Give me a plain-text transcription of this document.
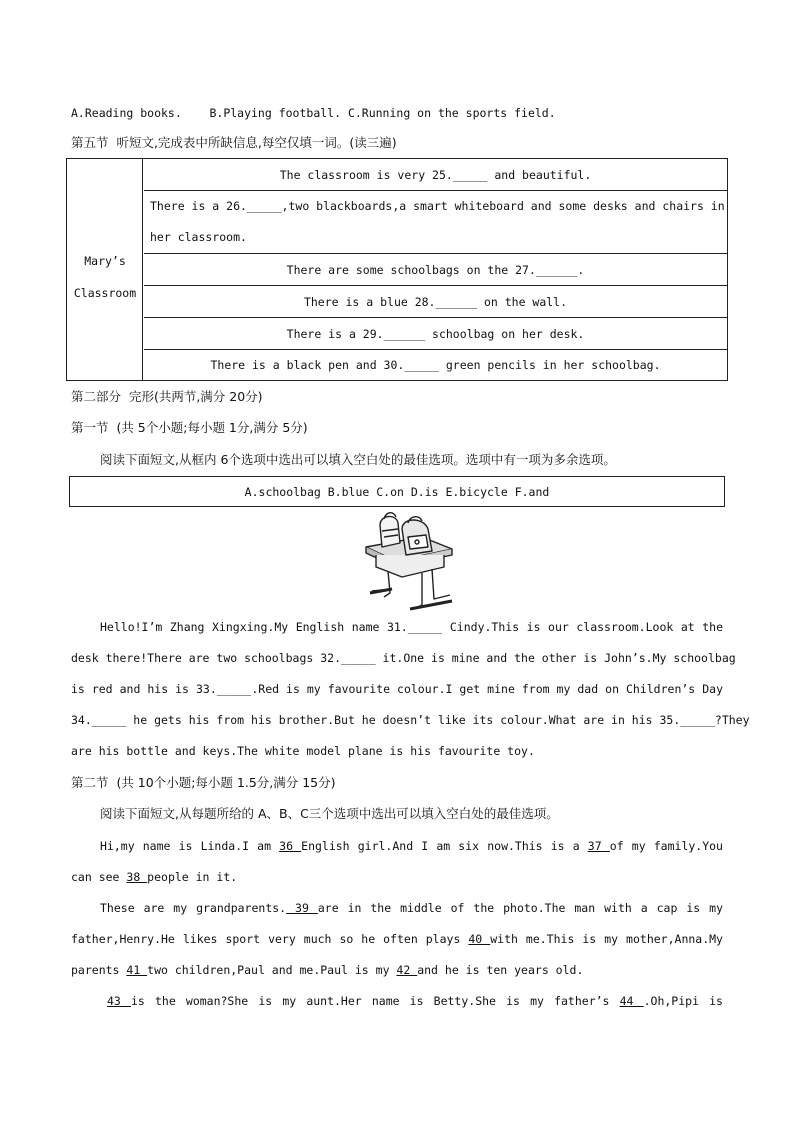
A.Reading books.    B.Playing football. C.Running on the sports field.
第五节  听短文,完成表中所缺信息,每空仅填一词。(读三遍)
Mary’s
Classroom
The classroom is very 25._____ and beautiful.
There is a 26._____,two blackboards,a smart whiteboard and some desks and chairs in
her classroom.
There are some schoolbags on the 27.______.
There is a blue 28.______ on the wall.
There is a 29.______ schoolbag on her desk.
There is a black pen and 30._____ green pencils in her schoolbag.
第二部分  完形(共两节,满分 20分)
第一节  (共 5个小题;每小题 1分,满分 5分)
阅读下面短文,从框内 6个选项中选出可以填入空白处的最佳选项。选项中有一项为多余选项。
A.schoolbag B.blue C.on D.is E.bicycle F.and
Hello!I’m Zhang Xingxing.My English name 31._____ Cindy.This is our classroom.Look at the
desk there!There are two schoolbags 32._____ it.One is mine and the other is John’s.My schoolbag
is red and his is 33._____.Red is my favourite colour.I get mine from my dad on Children’s Day
34._____ he gets his from his brother.But he doesn’t like its colour.What are in his 35._____?They
are his bottle and keys.The white model plane is his favourite toy.
第二节  (共 10个小题;每小题 1.5分,满分 15分)
阅读下面短文,从每题所给的 A、B、C三个选项中选出可以填入空白处的最佳选项。
Hi,my name is Linda.I am 36 English girl.And I am six now.This is a 37 of my family.You
can see 38 people in it.
These are my grandparents. 39 are in the middle of the photo.The man with a cap is my
father,Henry.He likes sport very much so he often plays 40 with me.This is my mother,Anna.My
parents 41 two children,Paul and me.Paul is my 42 and he is ten years old.
43 is the woman?She is my aunt.Her name is Betty.She is my father’s 44 .Oh,Pipi is
